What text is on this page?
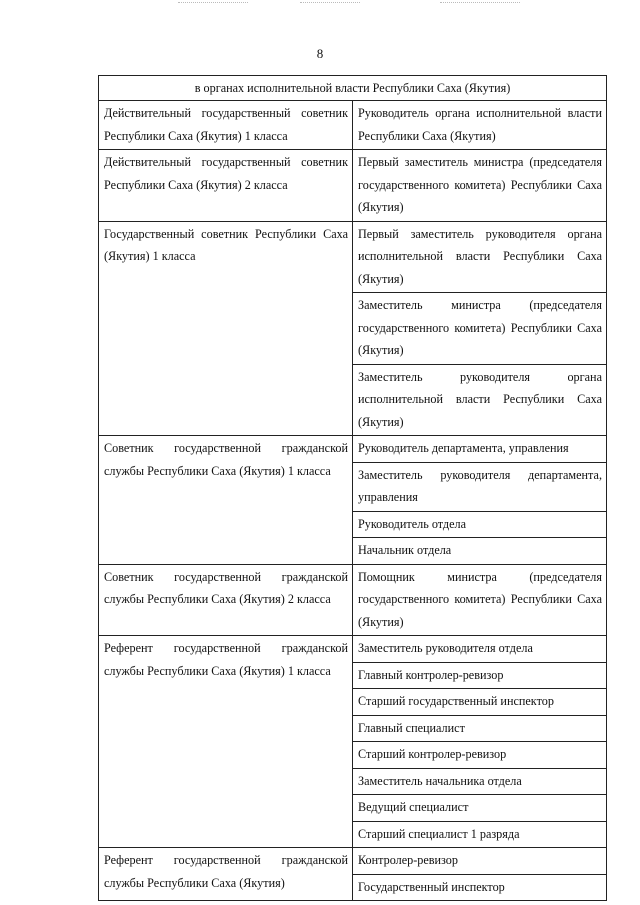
8
в органах исполнительной власти Республики Саха (Якутия)
Действительный государственный советник Республики Саха (Якутия) 1 класса
Руководитель органа исполнительной власти Республики Саха (Якутия)
Действительный государственный советник Республики Саха (Якутия) 2 класса
Первый заместитель министра (председателя государственного комитета) Республики Саха (Якутия)
Государственный советник Республики Саха (Якутия) 1 класса
Первый заместитель руководителя органа исполнительной власти Республики Саха (Якутия)
Заместитель министра (председателя государственного комитета) Республики Саха (Якутия)
Заместитель руководителя органа исполнительной власти Республики Саха (Якутия)
Советник государственной гражданской службы Республики Саха (Якутия) 1 класса
Руководитель департамента, управления
Заместитель руководителя департамента, управления
Руководитель отдела
Начальник отдела
Советник государственной гражданской службы Республики Саха (Якутия) 2 класса
Помощник министра (председателя государственного комитета) Республики Саха (Якутия)
Референт государственной гражданской службы Республики Саха (Якутия) 1 класса
Заместитель руководителя отдела
Главный контролер-ревизор
Старший государственный инспектор
Главный специалист
Старший контролер-ревизор
Заместитель начальника отдела
Ведущий специалист
Старший специалист 1 разряда
Референт государственной гражданской службы Республики Саха (Якутия)
Контролер-ревизор
Государственный инспектор
